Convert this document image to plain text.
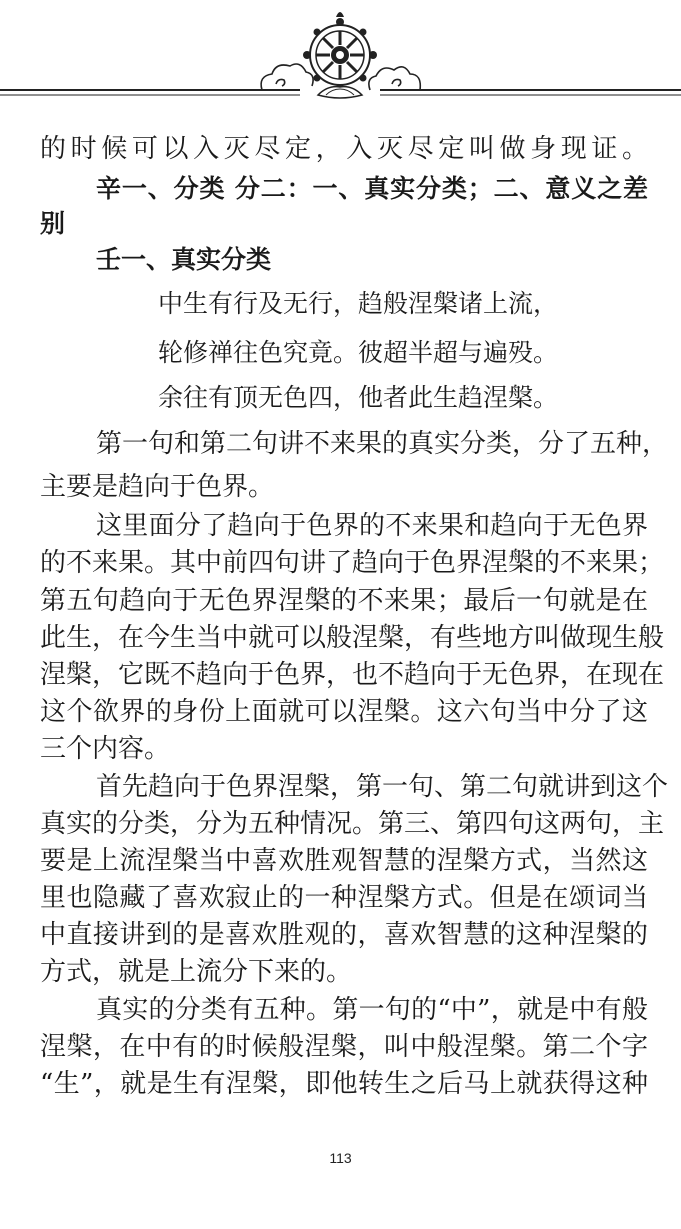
的时候可以入灭尽定，入灭尽定叫做身现证。
辛一、分类 分二：一、真实分类；二、意义之差
别
壬一、真实分类
中生有行及无行，趋般涅槃诸上流，
轮修禅往色究竟。彼超半超与遍殁。
余往有顶无色四，他者此生趋涅槃。
第一句和第二句讲不来果的真实分类，分了五种，
主要是趋向于色界。
这里面分了趋向于色界的不来果和趋向于无色界
的不来果。其中前四句讲了趋向于色界涅槃的不来果；
第五句趋向于无色界涅槃的不来果；最后一句就是在
此生，在今生当中就可以般涅槃，有些地方叫做现生般
涅槃，它既不趋向于色界，也不趋向于无色界，在现在
这个欲界的身份上面就可以涅槃。这六句当中分了这
三个内容。
首先趋向于色界涅槃，第一句、第二句就讲到这个
真实的分类，分为五种情况。第三、第四句这两句，主
要是上流涅槃当中喜欢胜观智慧的涅槃方式，当然这
里也隐藏了喜欢寂止的一种涅槃方式。但是在颂词当
中直接讲到的是喜欢胜观的，喜欢智慧的这种涅槃的
方式，就是上流分下来的。
真实的分类有五种。第一句的“中”，就是中有般
涅槃，在中有的时候般涅槃，叫中般涅槃。第二个字
“生”，就是生有涅槃，即他转生之后马上就获得这种
113
